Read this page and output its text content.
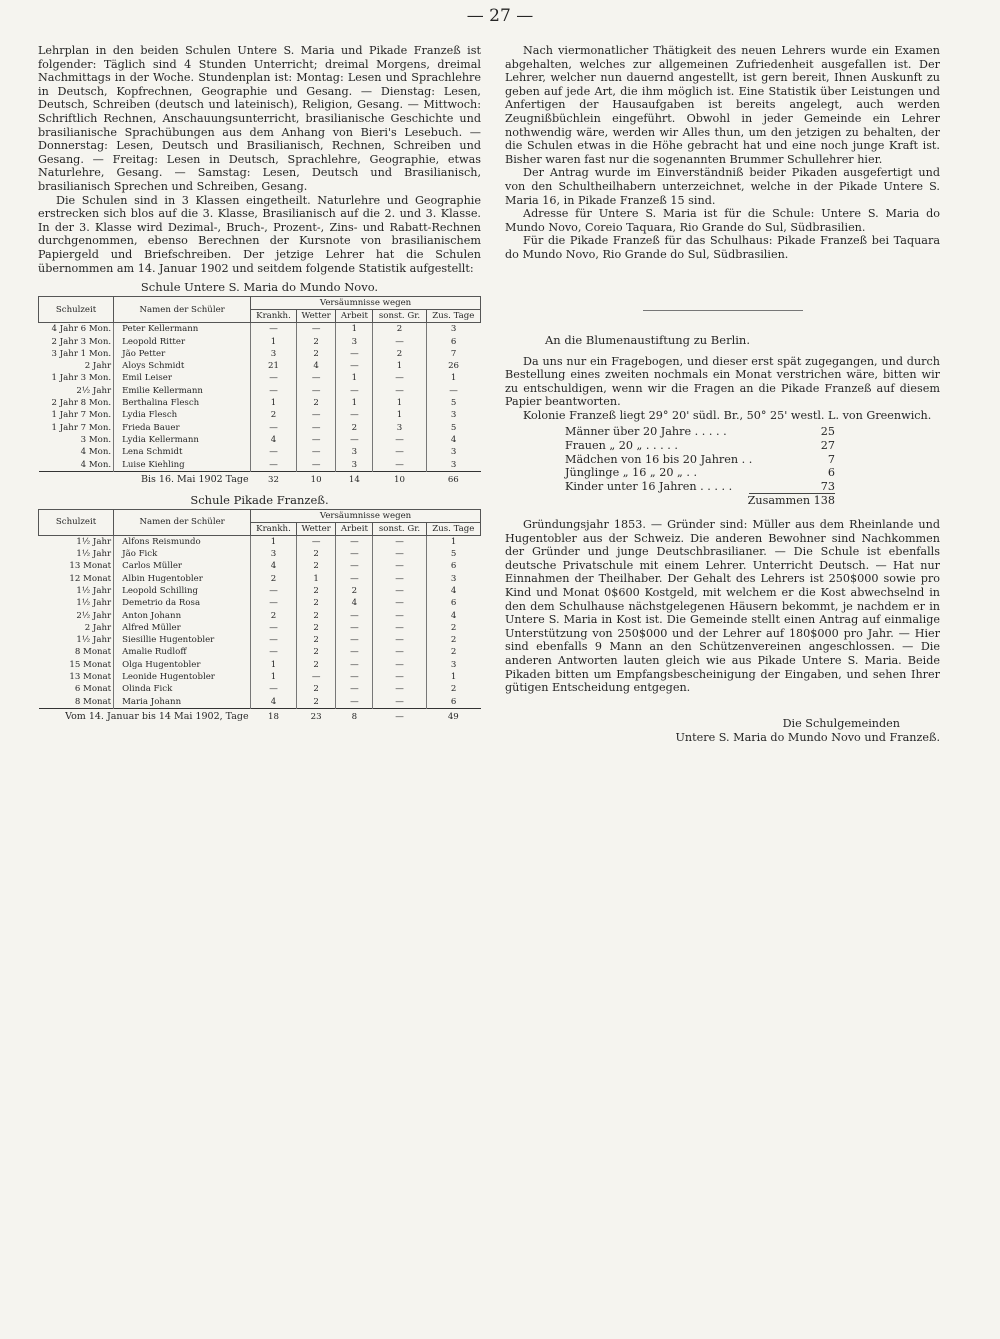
— 27 —

Lehrplan in den beiden Schulen Untere S. Maria und Pikade Franzeß ist folgender: Täglich sind 4 Stunden Unterricht; dreimal Morgens, dreimal Nachmittags in der Woche. Stundenplan ist: Montag: Lesen und Sprachlehre in Deutsch, Kopfrechnen, Geographie und Gesang. — Dienstag: Lesen, Deutsch, Schreiben (deutsch und lateinisch), Religion, Gesang. — Mittwoch: Schriftlich Rechnen, Anschauungsunterricht, brasilianische Geschichte und brasilianische Sprachübungen aus dem Anhang von Bieri's Lesebuch. — Donnerstag: Lesen, Deutsch und Brasilianisch, Rechnen, Schreiben und Gesang. — Freitag: Lesen in Deutsch, Sprachlehre, Geographie, etwas Naturlehre, Gesang. — Samstag: Lesen, Deutsch und Brasilianisch, brasilianisch Sprechen und Schreiben, Gesang.

Die Schulen sind in 3 Klassen eingetheilt. Naturlehre und Geographie erstrecken sich blos auf die 3. Klasse, Brasilianisch auf die 2. und 3. Klasse. In der 3. Klasse wird Dezimal-, Bruch-, Prozent-, Zins- und Rabatt-Rechnen durchgenommen, ebenso Berechnen der Kursnote von brasilianischem Papiergeld und Briefschreiben. Der jetzige Lehrer hat die Schulen übernommen am 14. Januar 1902 und seitdem folgende Statistik aufgestellt:

Schule Untere S. Maria do Mundo Novo.
Schulzeit	Namen der Schüler	Versäumnisse wegen				
		Krankh.	Wetter	Arbeit	sonst. Gr.	Zus. Tage
4 Jahr 6 Mon.	Peter Kellermann	—	—	1	2	3
2 Jahr 3 Mon.	Leopold Ritter	1	2	3	—	6
3 Jahr 1 Mon.	Jão Petter	3	2	—	2	7
2 Jahr	Aloys Schmidt	21	4	—	1	26
1 Jahr 3 Mon.	Emil Leiser	—	—	1	—	1
2½ Jahr	Emilie Kellermann	—	—	—	—	—
2 Jahr 8 Mon.	Berthalina Flesch	1	2	1	1	5
1 Jahr 7 Mon.	Lydia Flesch	2	—	—	1	3
1 Jahr 7 Mon.	Frieda Bauer	—	—	2	3	5
3 Mon.	Lydia Kellermann	4	—	—	—	4
4 Mon.	Lena Schmidt	—	—	3	—	3
4 Mon.	Luise Kiehling	—	—	3	—	3
Bis 16. Mai 1902 Tage		32	10	14	10	66
Schule Pikade Franzeß.
Schulzeit	Namen der Schüler	Versäumnisse wegen				
		Krankh.	Wetter	Arbeit	sonst. Gr.	Zus. Tage
1½ Jahr	Alfons Reismundo	1	—	—	—	1
1½ Jahr	Jão Fick	3	2	—	—	5
13 Monat	Carlos Müller	4	2	—	—	6
12 Monat	Albin Hugentobler	2	1	—	—	3
1½ Jahr	Leopold Schilling	—	2	2	—	4
1½ Jahr	Demetrio da Rosa	—	2	4	—	6
2½ Jahr	Anton Johann	2	2	—	—	4
2 Jahr	Alfred Müller	—	2	—	—	2
1½ Jahr	Siesillie Hugentobler	—	2	—	—	2
8 Monat	Amalie Rudloff	—	2	—	—	2
15 Monat	Olga Hugentobler	1	2	—	—	3
13 Monat	Leonide Hugentobler	1	—	—	—	1
6 Monat	Olinda Fick	—	2	—	—	2
8 Monat	Maria Johann	4	2	—	—	6
Vom 14. Januar bis 14 Mai 1902, Tage		18	23	8	—	49

Nach viermonatlicher Thätigkeit des neuen Lehrers wurde ein Examen abgehalten, welches zur allgemeinen Zufriedenheit ausgefallen ist. Der Lehrer, welcher nun dauernd angestellt, ist gern bereit, Ihnen Auskunft zu geben auf jede Art, die ihm möglich ist. Eine Statistik über Leistungen und Anfertigen der Hausaufgaben ist bereits angelegt, auch werden Zeugnißbüchlein eingeführt. Obwohl in jeder Gemeinde ein Lehrer nothwendig wäre, werden wir Alles thun, um den jetzigen zu behalten, der die Schulen etwas in die Höhe gebracht hat und eine noch junge Kraft ist. Bisher waren fast nur die sogenannten Brummer Schullehrer hier.

Der Antrag wurde im Einverständniß beider Pikaden ausgefertigt und von den Schultheilhabern unterzeichnet, welche in der Pikade Untere S. Maria 16, in Pikade Franzeß 15 sind.

Adresse für Untere S. Maria ist für die Schule: Untere S. Maria do Mundo Novo, Coreio Taquara, Rio Grande do Sul, Südbrasilien.

Für die Pikade Franzeß für das Schulhaus: Pikade Franzeß bei Taquara do Mundo Novo, Rio Grande do Sul, Südbrasilien.

An die Blumenaustiftung zu Berlin.

Da uns nur ein Fragebogen, und dieser erst spät zugegangen, und durch Bestellung eines zweiten nochmals ein Monat verstrichen wäre, bitten wir zu entschuldigen, wenn wir die Fragen an die Pikade Franzeß auf diesem Papier beantworten.

Kolonie Franzeß liegt 29° 20' südl. Br., 50° 25' westl. L. von Greenwich.

Männer über 20 Jahre . . . . .	25
Frauen „ 20 „ . . . . .	27
Mädchen von 16 bis 20 Jahren . .	7
Jünglinge „ 16 „ 20 „ . .	6
Kinder unter 16 Jahren . . . . .	73
Zusammen 138

Gründungsjahr 1853. — Gründer sind: Müller aus dem Rheinlande und Hugentobler aus der Schweiz. Die anderen Bewohner sind Nachkommen der Gründer und junge Deutschbrasilianer. — Die Schule ist ebenfalls deutsche Privatschule mit einem Lehrer. Unterricht Deutsch. — Hat nur Einnahmen der Theilhaber. Der Gehalt des Lehrers ist 250$000 sowie pro Kind und Monat 0$600 Kostgeld, mit welchem er die Kost abwechselnd in den dem Schulhause nächstgelegenen Häusern bekommt, je nachdem er in Untere S. Maria in Kost ist. Die Gemeinde stellt einen Antrag auf einmalige Unterstützung von 250$000 und der Lehrer auf 180$000 pro Jahr. — Hier sind ebenfalls 9 Mann an den Schützenvereinen angeschlossen. — Die anderen Antworten lauten gleich wie aus Pikade Untere S. Maria. Beide Pikaden bitten um Empfangsbescheinigung der Eingaben, und sehen Ihrer gütigen Entscheidung entgegen.

Die Schulgemeinden
Untere S. Maria do Mundo Novo und Franzeß.
